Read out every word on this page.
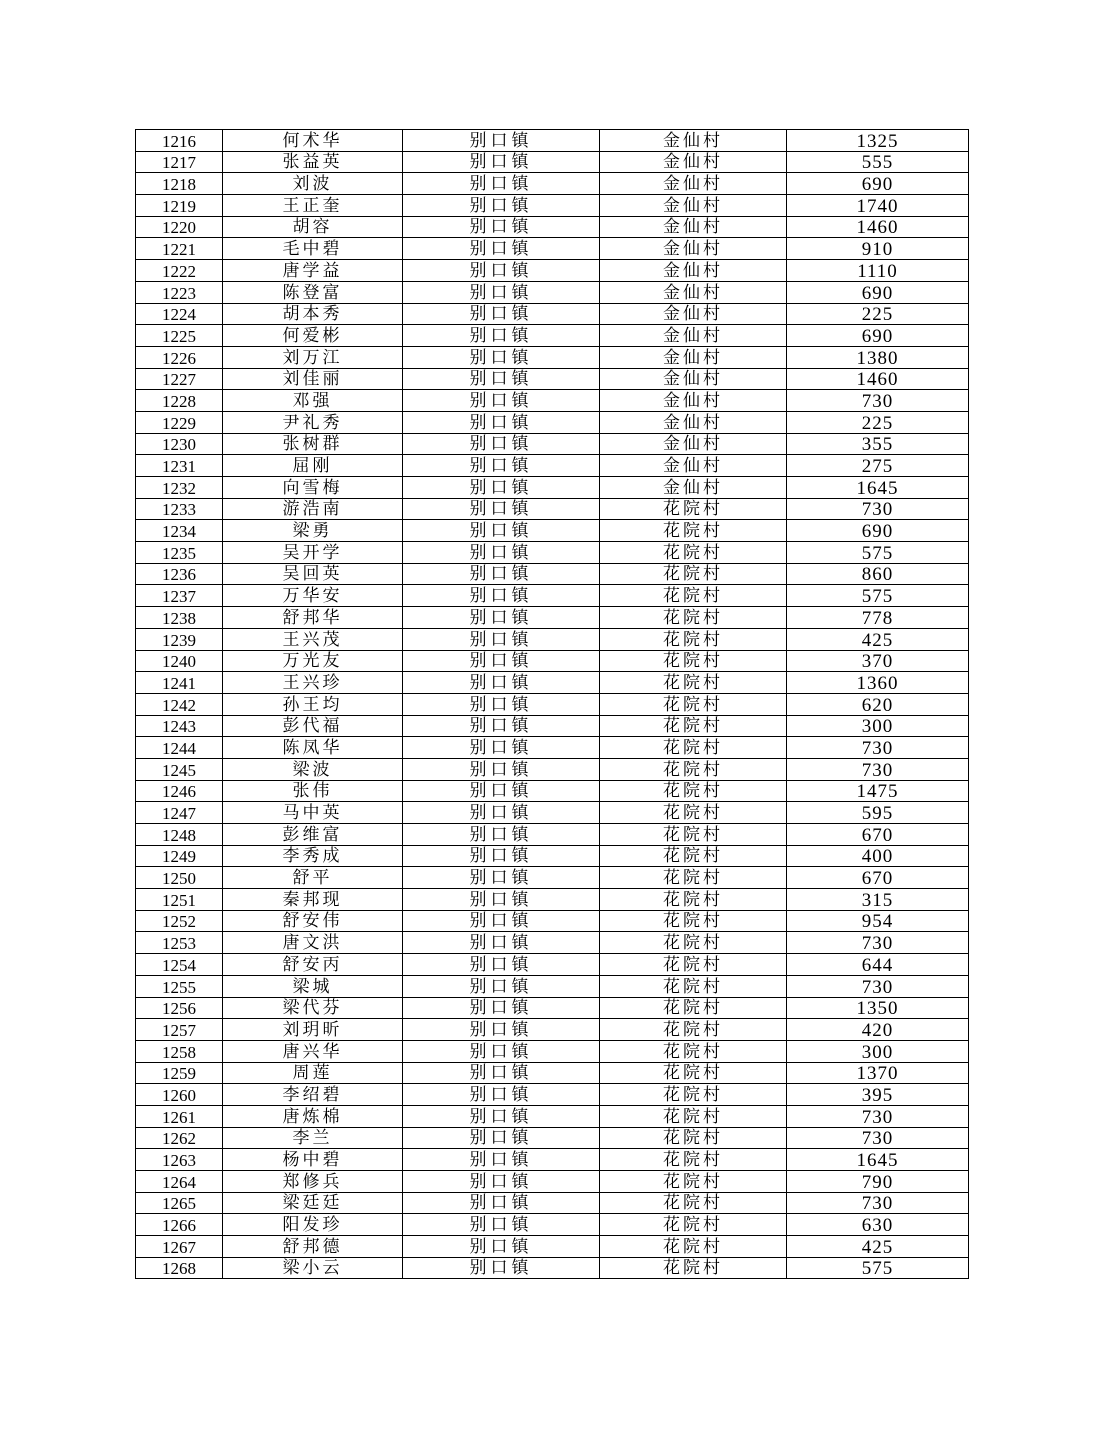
1216	何术华	别口镇	金仙村	1325
1217	张益英	别口镇	金仙村	555
1218	刘波	别口镇	金仙村	690
1219	王正奎	别口镇	金仙村	1740
1220	胡容	别口镇	金仙村	1460
1221	毛中碧	别口镇	金仙村	910
1222	唐学益	别口镇	金仙村	1110
1223	陈登富	别口镇	金仙村	690
1224	胡本秀	别口镇	金仙村	225
1225	何爱彬	别口镇	金仙村	690
1226	刘万江	别口镇	金仙村	1380
1227	刘佳丽	别口镇	金仙村	1460
1228	邓强	别口镇	金仙村	730
1229	尹礼秀	别口镇	金仙村	225
1230	张树群	别口镇	金仙村	355
1231	屈刚	别口镇	金仙村	275
1232	向雪梅	别口镇	金仙村	1645
1233	游浩南	别口镇	花院村	730
1234	梁勇	别口镇	花院村	690
1235	吴开学	别口镇	花院村	575
1236	吴回英	别口镇	花院村	860
1237	万华安	别口镇	花院村	575
1238	舒邦华	别口镇	花院村	778
1239	王兴茂	别口镇	花院村	425
1240	万光友	别口镇	花院村	370
1241	王兴珍	别口镇	花院村	1360
1242	孙王均	别口镇	花院村	620
1243	彭代福	别口镇	花院村	300
1244	陈凤华	别口镇	花院村	730
1245	梁波	别口镇	花院村	730
1246	张伟	别口镇	花院村	1475
1247	马中英	别口镇	花院村	595
1248	彭维富	别口镇	花院村	670
1249	李秀成	别口镇	花院村	400
1250	舒平	别口镇	花院村	670
1251	秦邦现	别口镇	花院村	315
1252	舒安伟	别口镇	花院村	954
1253	唐文洪	别口镇	花院村	730
1254	舒安丙	别口镇	花院村	644
1255	梁城	别口镇	花院村	730
1256	梁代芬	别口镇	花院村	1350
1257	刘玥昕	别口镇	花院村	420
1258	唐兴华	别口镇	花院村	300
1259	周莲	别口镇	花院村	1370
1260	李绍碧	别口镇	花院村	395
1261	唐炼棉	别口镇	花院村	730
1262	李兰	别口镇	花院村	730
1263	杨中碧	别口镇	花院村	1645
1264	郑修兵	别口镇	花院村	790
1265	梁廷廷	别口镇	花院村	730
1266	阳发珍	别口镇	花院村	630
1267	舒邦德	别口镇	花院村	425
1268	梁小云	别口镇	花院村	575
